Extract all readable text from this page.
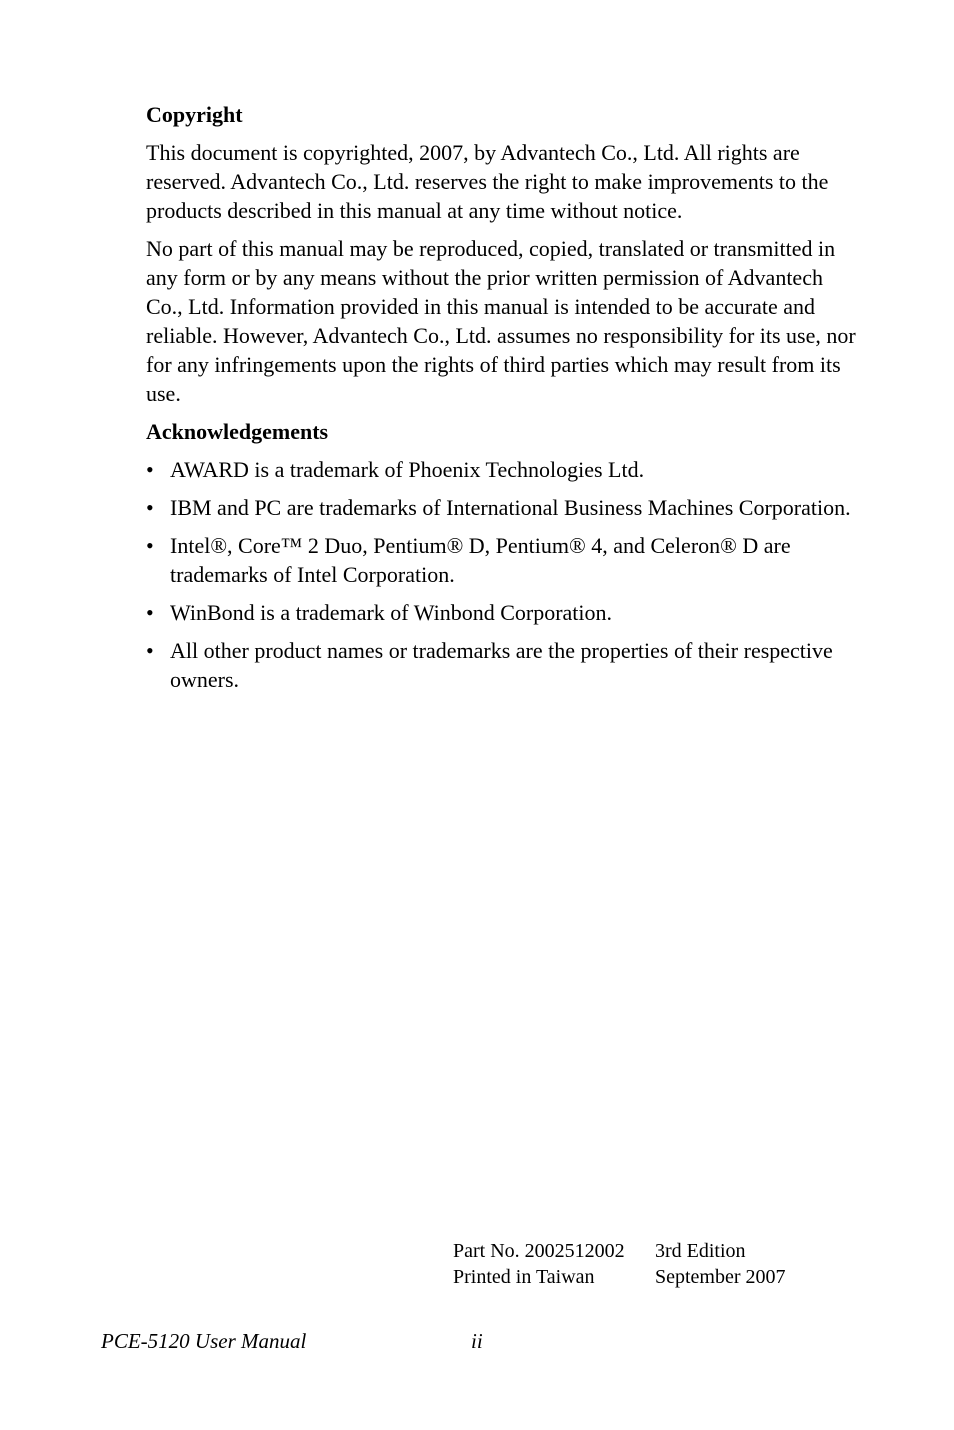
Copyright

This document is copyrighted, 2007, by Advantech Co., Ltd. All rights are reserved. Advantech Co., Ltd. reserves the right to make improvements to the products described in this manual at any time without notice.

No part of this manual may be reproduced, copied, translated or transmitted in any form or by any means without the prior written permission of Advantech Co., Ltd. Information provided in this manual is intended to be accurate and reliable. However, Advantech Co., Ltd. assumes no responsibility for its use, nor for any infringements upon the rights of third parties which may result from its use.

Acknowledgements
• AWARD is a trademark of Phoenix Technologies Ltd.
• IBM and PC are trademarks of International Business Machines Corporation.
• Intel®, Core™ 2 Duo, Pentium® D, Pentium® 4, and Celeron® D are trademarks of Intel Corporation.
• WinBond is a trademark of Winbond Corporation.
• All other product names or trademarks are the properties of their respective owners.
Part No. 2002512002	3rd Edition
Printed in Taiwan	September 2007
PCE-5120 User Manual	ii
